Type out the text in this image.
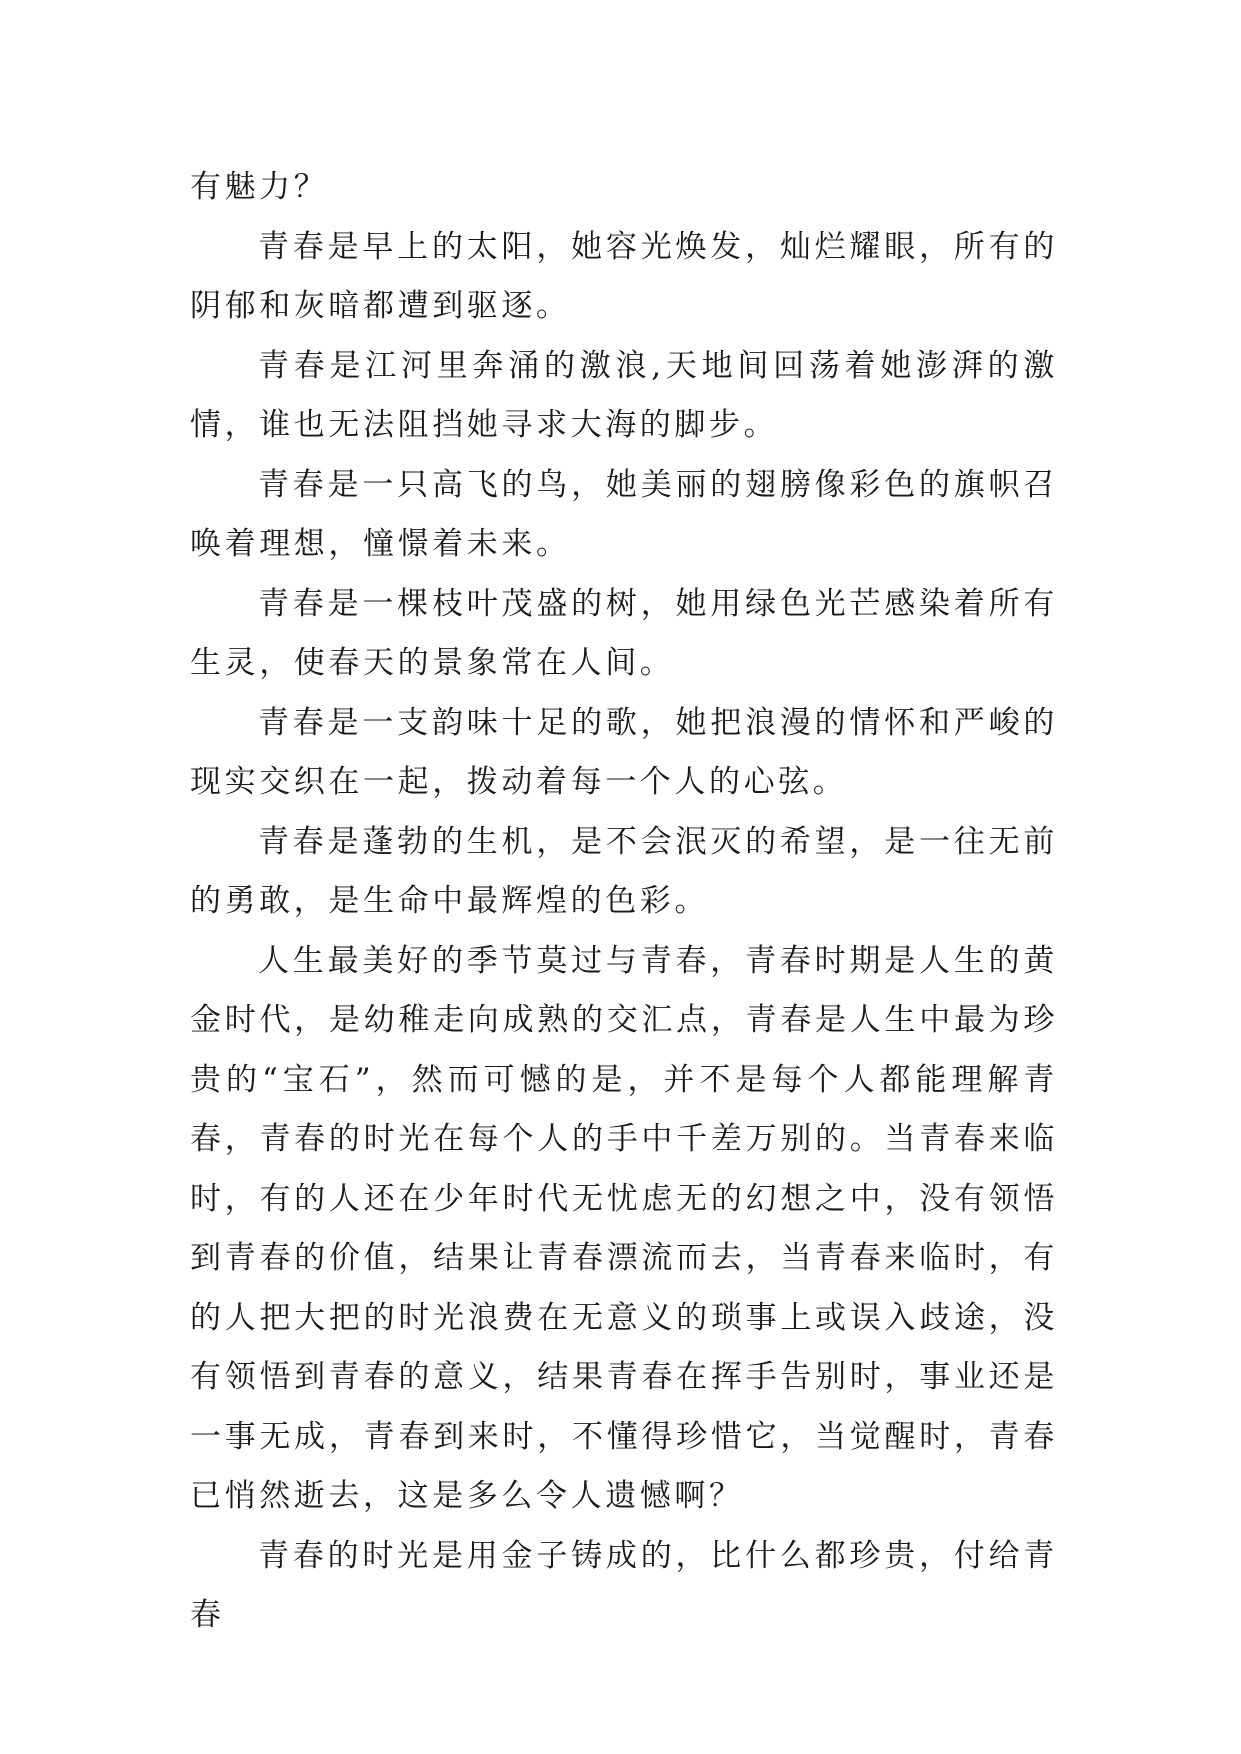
有魅力？

青春是早上的太阳，她容光焕发，灿烂耀眼，所有的阴郁和灰暗都遭到驱逐。

青春是江河里奔涌的激浪,天地间回荡着她澎湃的激情，谁也无法阻挡她寻求大海的脚步。

青春是一只高飞的鸟，她美丽的翅膀像彩色的旗帜召唤着理想，憧憬着未来。

青春是一棵枝叶茂盛的树，她用绿色光芒感染着所有生灵，使春天的景象常在人间。

青春是一支韵味十足的歌，她把浪漫的情怀和严峻的现实交织在一起，拨动着每一个人的心弦。

青春是蓬勃的生机，是不会泯灭的希望，是一往无前的勇敢，是生命中最辉煌的色彩。

人生最美好的季节莫过与青春，青春时期是人生的黄金时代，是幼稚走向成熟的交汇点，青春是人生中最为珍贵的“宝石”，然而可憾的是，并不是每个人都能理解青春，青春的时光在每个人的手中千差万别的。当青春来临时，有的人还在少年时代无忧虑无的幻想之中，没有领悟到青春的价值，结果让青春漂流而去，当青春来临时，有的人把大把的时光浪费在无意义的琐事上或误入歧途，没有领悟到青春的意义，结果青春在挥手告别时，事业还是一事无成，青春到来时，不懂得珍惜它，当觉醒时，青春已悄然逝去，这是多么令人遗憾啊？

青春的时光是用金子铸成的，比什么都珍贵，付给青春
